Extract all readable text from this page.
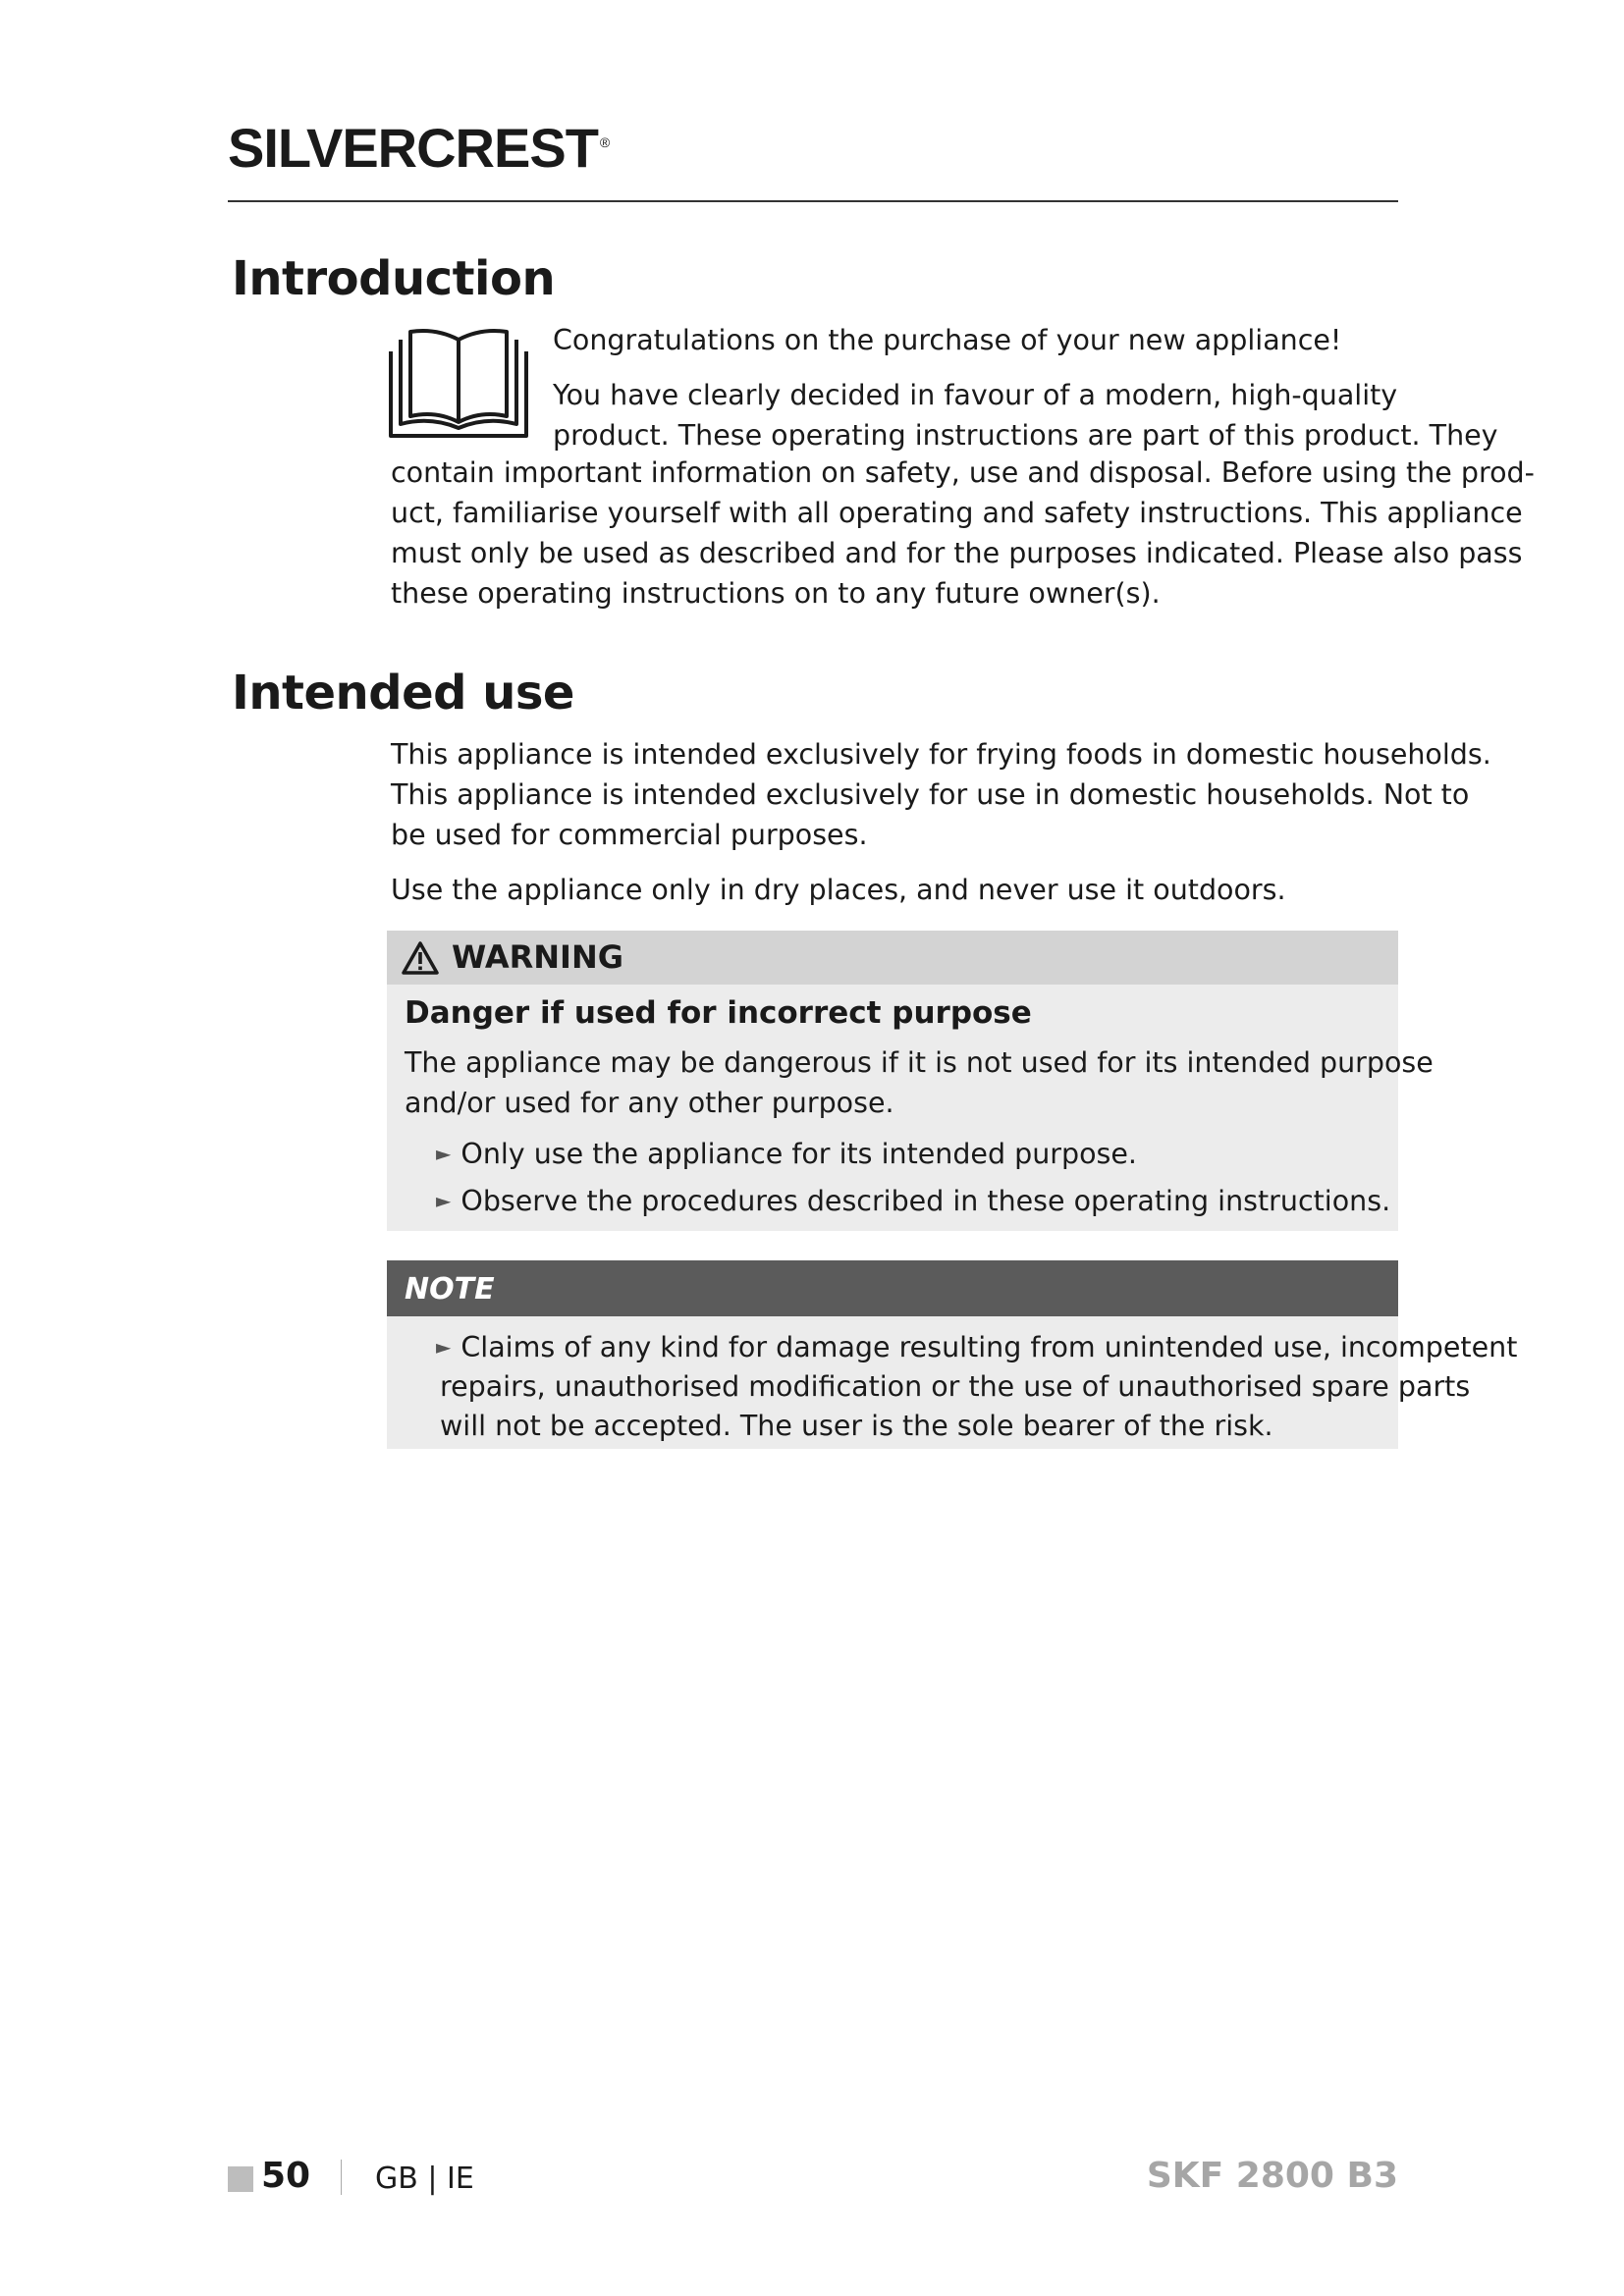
SILVERCREST ®
Introduction

Congratulations on the purchase of your new appliance!

You have clearly decided in favour of a modern, high-quality

product. These operating instructions are part of this product. They

contain important information on safety, use and disposal. Before using the prod-

uct, familiarise yourself with all operating and safety instructions. This appliance

must only be used as described and for the purposes indicated. Please also pass

these operating instructions on to any future owner(s).

Intended use

This appliance is intended exclusively for frying foods in domestic households.

This appliance is intended exclusively for use in domestic households. Not to

be used for commercial purposes.

Use the appliance only in dry places, and never use it outdoors.

WARNING
Danger if used for incorrect purpose

The appliance may be dangerous if it is not used for its intended purpose

and/or used for any other purpose.

► Only use the appliance for its intended purpose.
► Observe the procedures described in these operating instructions.
NOTE
► Claims of any kind for damage resulting from unintended use, incompetent
repairs, unauthorised modification or the use of unauthorised spare parts
will not be accepted. The user is the sole bearer of the risk.
50 GB | IE	SKF 2800 B3
